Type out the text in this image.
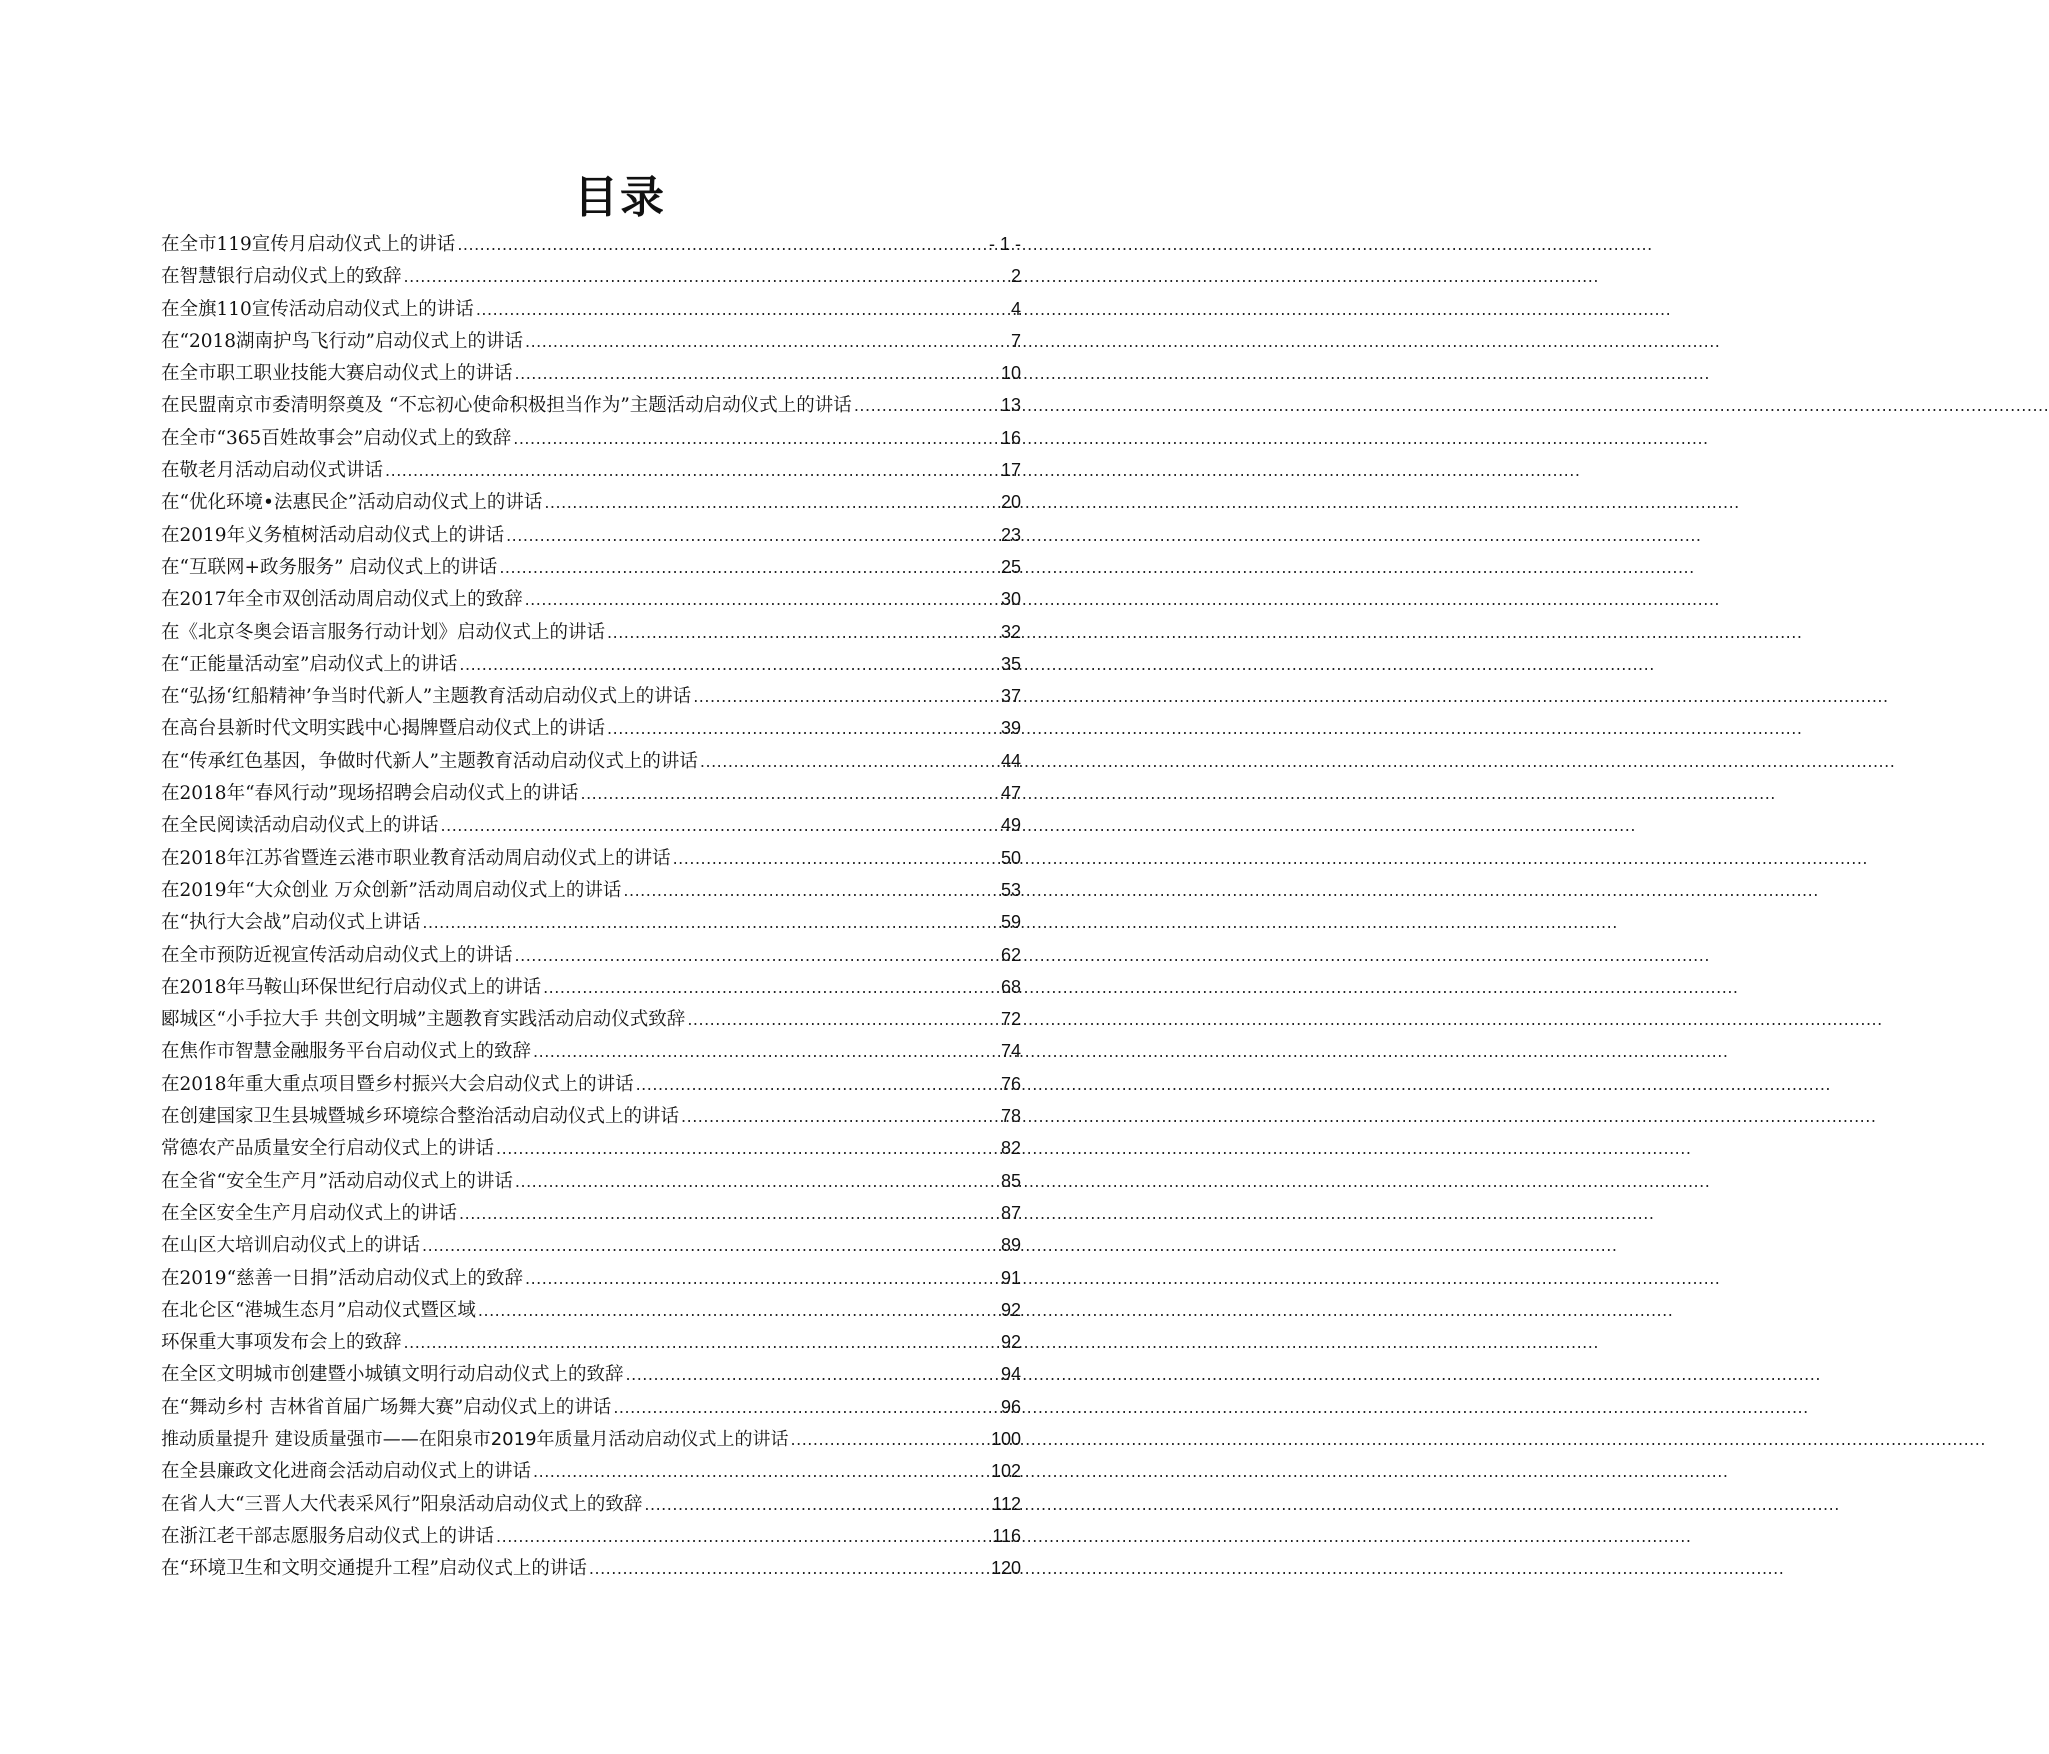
目录
在全市119宣传月启动仪式上的讲话 .....	- 1 -
在智慧银行启动仪式上的致辞 .....	2
在全旗110宣传活动启动仪式上的讲话 .....	4
在“2018湖南护鸟飞行动”启动仪式上的讲话 .....	7
在全市职工职业技能大赛启动仪式上的讲话 .....	10
在民盟南京市委清明祭奠及 “不忘初心使命积极担当作为”主题活动启动仪式上的讲话 .....	13
在全市“365百姓故事会”启动仪式上的致辞 .....	16
在敬老月活动启动仪式讲话 .....	17
在“优化环境•法惠民企”活动启动仪式上的讲话 .....	20
在2019年义务植树活动启动仪式上的讲话 .....	23
在“互联网+政务服务” 启动仪式上的讲话 .....	25
在2017年全市双创活动周启动仪式上的致辞 .....	30
在《北京冬奥会语言服务行动计划》启动仪式上的讲话 .....	32
在“正能量活动室”启动仪式上的讲话 .....	35
在“弘扬‘红船精神’争当时代新人”主题教育活动启动仪式上的讲话 .....	37
在高台县新时代文明实践中心揭牌暨启动仪式上的讲话 .....	39
在“传承红色基因，争做时代新人”主题教育活动启动仪式上的讲话 .....	44
在2018年“春风行动”现场招聘会启动仪式上的讲话 .....	47
在全民阅读活动启动仪式上的讲话 .....	49
在2018年江苏省暨连云港市职业教育活动周启动仪式上的讲话 .....	50
在2019年“大众创业 万众创新”活动周启动仪式上的讲话 .....	53
在“执行大会战”启动仪式上讲话 .....	59
在全市预防近视宣传活动启动仪式上的讲话 .....	62
在2018年马鞍山环保世纪行启动仪式上的讲话 .....	68
郾城区“小手拉大手 共创文明城”主题教育实践活动启动仪式致辞 .....	72
在焦作市智慧金融服务平台启动仪式上的致辞 .....	74
在2018年重大重点项目暨乡村振兴大会启动仪式上的讲话 .....	76
在创建国家卫生县城暨城乡环境综合整治活动启动仪式上的讲话 .....	78
常德农产品质量安全行启动仪式上的讲话 .....	82
在全省“安全生产月”活动启动仪式上的讲话 .....	85
在全区安全生产月启动仪式上的讲话 .....	87
在山区大培训启动仪式上的讲话 .....	89
在2019“慈善一日捐”活动启动仪式上的致辞 .....	91
在北仑区“港城生态月”启动仪式暨区域 .....	92
环保重大事项发布会上的致辞 .....	92
在全区文明城市创建暨小城镇文明行动启动仪式上的致辞 .....	94
在“舞动乡村 吉林省首届广场舞大赛”启动仪式上的讲话 .....	96
推动质量提升 建设质量强市——在阳泉市2019年质量月活动启动仪式上的讲话 .....	100
在全县廉政文化进商会活动启动仪式上的讲话 .....	102
在省人大“三晋人大代表采风行”阳泉活动启动仪式上的致辞 .....	112
在浙江老干部志愿服务启动仪式上的讲话 .....	116
在“环境卫生和文明交通提升工程”启动仪式上的讲话 .....	120
